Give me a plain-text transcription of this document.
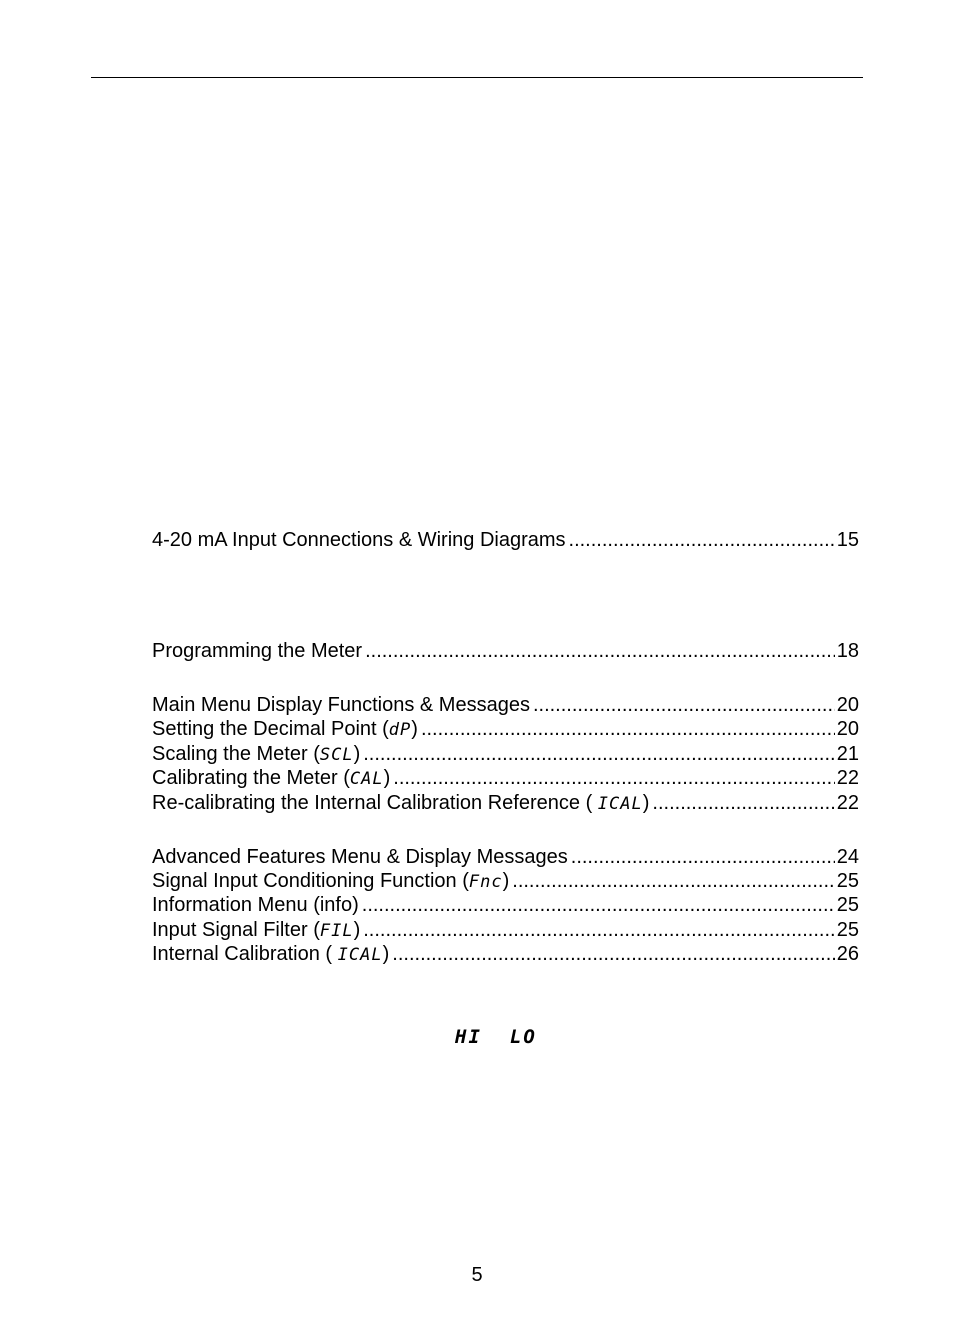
4-20 mA Input Connections & Wiring Diagrams .....	15
Programming the Meter .....	18
Main Menu Display Functions & Messages .....	20
Setting the Decimal Point (dP) .....	20
Scaling the Meter (SCL) .....	21
Calibrating the Meter (CAL) .....	22
Re-calibrating the Internal Calibration Reference ( ICAL) .....	22
Advanced Features Menu & Display Messages .....	24
Signal Input Conditioning Function (Fnc) .....	25
Information Menu (info) .....	25
Input Signal Filter (FIL) .....	25
Internal Calibration ( ICAL) .....	26
HI LO
5
